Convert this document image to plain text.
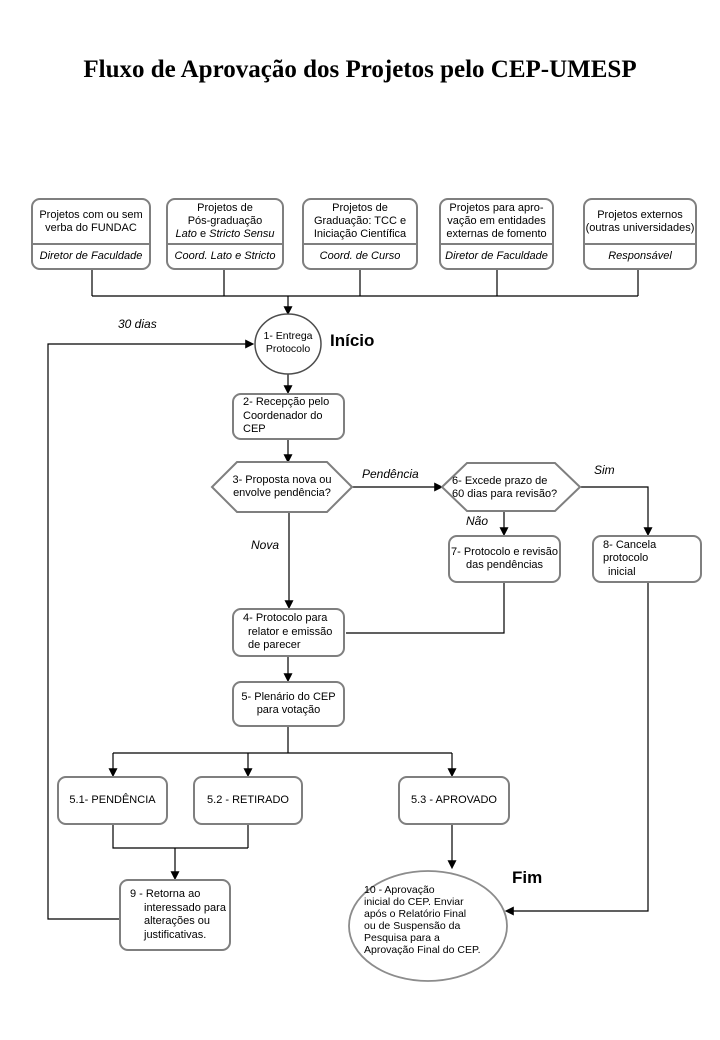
Fluxo de Aprovação dos Projetos pelo CEP-UMESP
Projetos com ou sem
verba do FUNDAC
Diretor de Faculdade
Projetos de
Pós-graduação
Lato e Stricto Sensu
Coord. Lato e Stricto
Projetos de
Graduação: TCC e
Iniciação Científica
Coord. de Curso
Projetos para apro-
vação em entidades
externas de fomento
Diretor de Faculdade
Projetos externos
(outras universidades)
Responsável
1- Entrega
Protocolo
2- Recepção pelo
Coordenador do CEP
3- Proposta nova ou
envolve pendência?
6- Excede prazo de
60 dias para revisão?
7- Protocolo e revisão
das pendências
8- Cancela protocolo
inicial
4- Protocolo para
relator e emissão
de parecer
5- Plenário do CEP
para votação
5.1- PENDÊNCIA	5.2 - RETIRADO	5.3 - APROVADO
9 - Retorna ao
interessado para
alterações ou
justificativas.
10 - Aprovação
inicial do CEP. Enviar
após o Relatório Final
ou de Suspensão da
Pesquisa para a
Aprovação Final do CEP.
Início
Fim
30 dias
Pendência	Sim
Não
Nova
